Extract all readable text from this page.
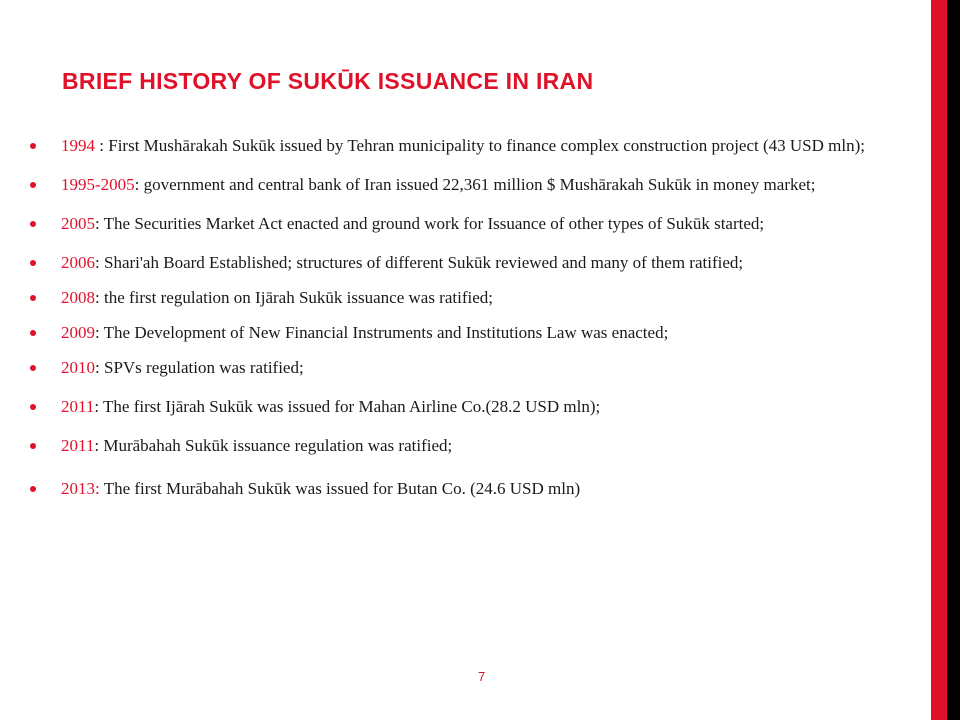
BRIEF HISTORY OF SUKŪK ISSUANCE IN IRAN
1994 : First Mushārakah Sukūk issued by Tehran municipality to finance complex construction project (43 USD mln);
1995-2005: government and central bank of Iran issued 22,361 million $ Mushārakah Sukūk in money market;
2005: The Securities Market Act enacted and ground work for Issuance of other types of Sukūk started;
2006: Shari'ah Board Established; structures of different Sukūk reviewed and many of them ratified;
2008: the first regulation on Ijārah Sukūk issuance was ratified;
2009: The Development of New Financial Instruments and Institutions Law was enacted;
2010: SPVs regulation was ratified;
2011: The first Ijārah Sukūk was issued for Mahan Airline Co.(28.2 USD mln);
2011: Murābahah Sukūk issuance regulation was ratified;
2013: The first Murābahah Sukūk was issued for Butan Co. (24.6 USD mln)
7
